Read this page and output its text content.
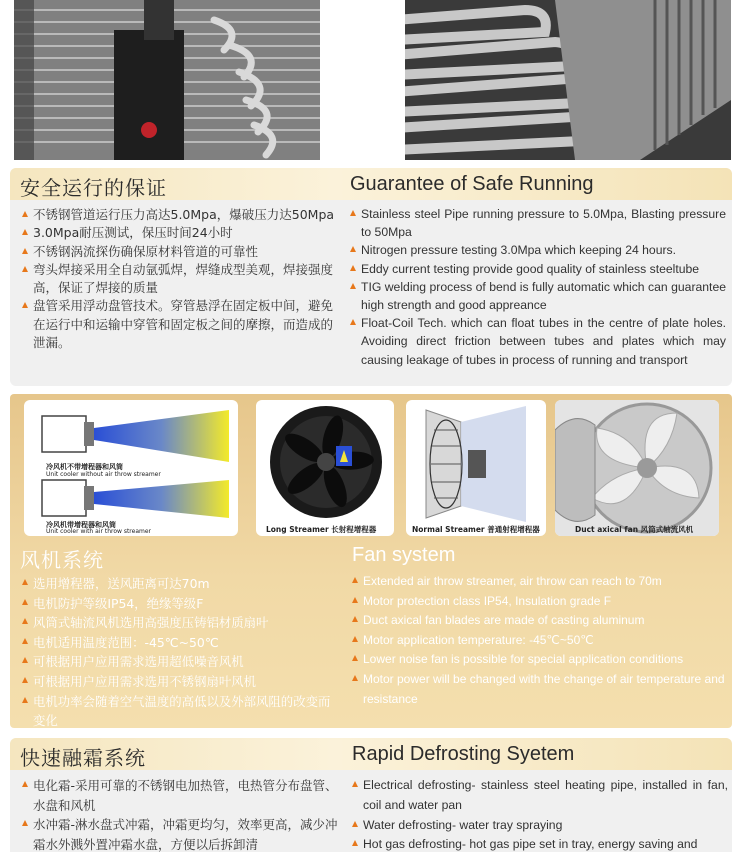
安全运行的保证	Guarantee of Safe Running
不锈钢管道运行压力高达5.0Mpa，爆破压力达50Mpa
3.0Mpa耐压测试，保压时间24小时
不锈钢涡流探伤确保原材料管道的可靠性
弯头焊接采用全自动氩弧焊，焊缝成型美观，焊接强度高，保证了焊接的质量
盘管采用浮动盘管技术。穿管悬浮在固定板中间，避免在运行中和运输中穿管和固定板之间的摩擦，而造成的泄漏。
Stainless steel Pipe running pressure to 5.0Mpa, Blasting pressure to 50Mpa
Nitrogen pressure testing 3.0Mpa which keeping 24 hours.
Eddy current testing provide good quality of stainless steeltube
TIG welding process of bend is fully automatic which can guarantee high strength and good appreance
Float-Coil Tech. which can float tubes in the centre of plate holes. Avoiding direct friction between tubes and plates which may causing leakage of tubes in process of running and transport
冷风机不带增程器和风筒
Unit cooler without air throw streamer
冷风机带增程器和风筒
Unit cooler with air throw streamer	Long Streamer 长射程增程器	Normal Streamer 普通射程增程器	Duct axical fan 风筒式轴流风机
风机系统	Fan system
选用增程器，送风距离可达70m
电机防护等级IP54，绝缘等级F
风筒式轴流风机选用高强度压铸铝材质扇叶
电机适用温度范围：-45℃~50℃
可根据用户应用需求选用超低噪音风机
可根据用户应用需求选用不锈钢扇叶风机
电机功率会随着空气温度的高低以及外部风阻的改变而变化
Extended air throw streamer, air throw can reach to 70m
Motor protection class IP54, Insulation grade F
Duct axical fan blades are made of casting aluminum
Motor application temperature: -45℃~50℃
Lower noise fan is possible for special application conditions
Motor power will be changed with the change of air temperature and resistance
快速融霜系统	Rapid Defrosting Syetem
电化霜-采用可靠的不锈钢电加热管，电热管分布盘管、水盘和风机
水冲霜-淋水盘式冲霜，冲霜更均匀，效率更高，减少冲霜水外溅外置冲霜水盘，方便以后拆卸清
Electrical defrosting- stainless steel heating pipe, installed in fan, coil and water pan
Water defrosting- water tray spraying
Hot gas defrosting- hot gas pipe set in tray, energy saving and
